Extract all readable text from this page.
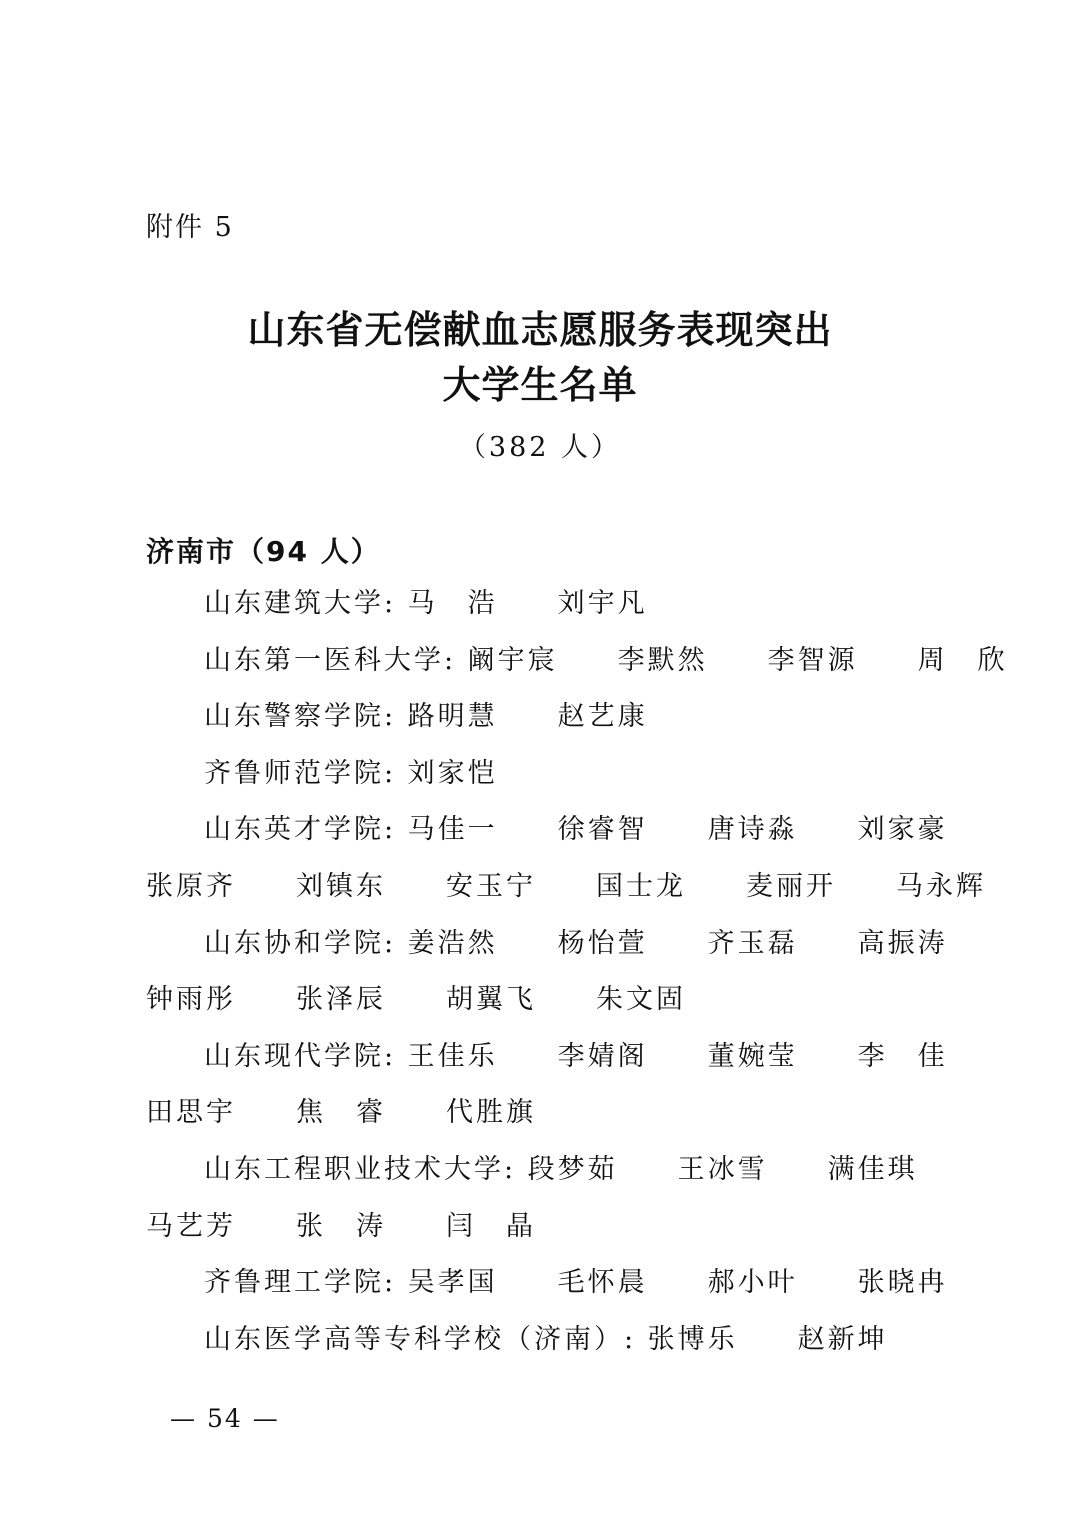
附件 5
山东省无偿献血志愿服务表现突出
大学生名单
（382 人）
济南市（94 人）
山东建筑大学: 马　浩　　刘宇凡
山东第一医科大学: 阚宇宸　　李默然　　李智源　　周　欣
山东警察学院: 路明慧　　赵艺康
齐鲁师范学院: 刘家恺
山东英才学院: 马佳一　　徐睿智　　唐诗淼　　刘家豪
张原齐　　刘镇东　　安玉宁　　国士龙　　麦丽开　　马永辉
山东协和学院: 姜浩然　　杨怡萱　　齐玉磊　　高振涛
钟雨彤　　张泽辰　　胡翼飞　　朱文固
山东现代学院: 王佳乐　　李婧阁　　董婉莹　　李　佳
田思宇　　焦　睿　　代胜旗
山东工程职业技术大学: 段梦茹　　王冰雪　　满佳琪
马艺芳　　张　涛　　闫　晶
齐鲁理工学院: 吴孝国　　毛怀晨　　郝小叶　　张晓冉
山东医学高等专科学校（济南）: 张博乐　　赵新坤
— 54 —
